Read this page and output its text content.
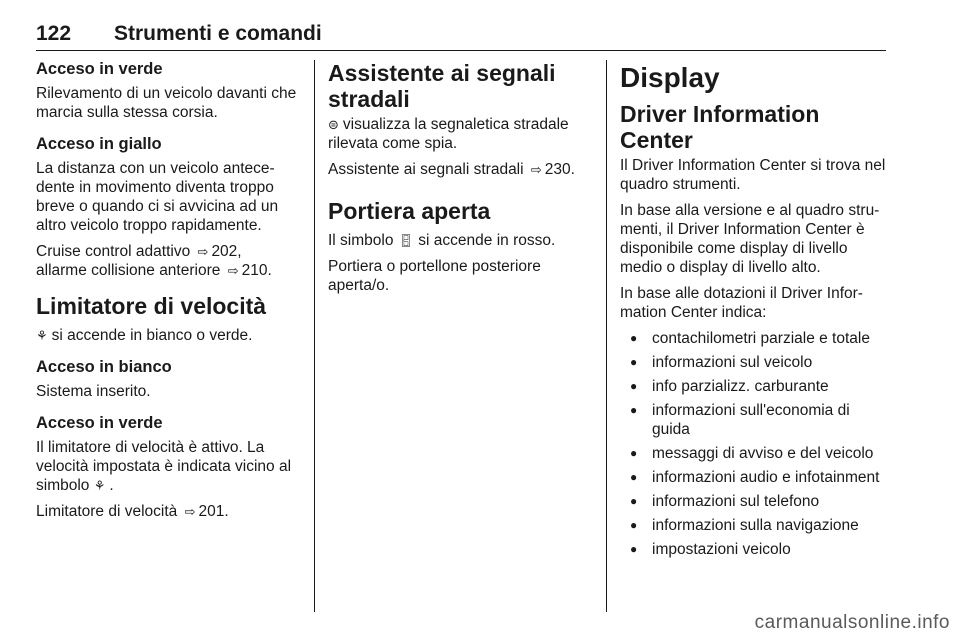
122 Strumenti e comandi
Acceso in verde

Rilevamento di un veicolo davanti che marcia sulla stessa corsia.

Acceso in giallo

La distanza con un veicolo antece-dente in movimento diventa troppo breve o quando ci si avvicina ad un altro veicolo troppo rapidamente.

Cruise control adattivo ⇨ 202,
allarme collisione anteriore ⇨ 210.

Limitatore di velocità

⚘ si accende in bianco o verde.

Acceso in bianco

Sistema inserito.

Acceso in verde

Il limitatore di velocità è attivo. La velocità impostata è indicata vicino al simbolo ⚘ .

Limitatore di velocità ⇨ 201.

Assistente ai segnali stradali

⊜ visualizza la segnaletica stradale rilevata come spia.

Assistente ai segnali stradali ⇨ 230.

Portiera aperta

Il simbolo 🚪︎ si accende in rosso.

Portiera o portellone posteriore aperta/o.

Display
Driver Information Center

Il Driver Information Center si trova nel quadro strumenti.

In base alla versione e al quadro stru-menti, il Driver Information Center è disponibile come display di livello medio o display di livello alto.

In base alle dotazioni il Driver Infor-mation Center indica:

● contachilometri parziale e totale
● informazioni sul veicolo
● info parzializz. carburante
● informazioni sull'economia di guida
● messaggi di avviso e del veicolo
● informazioni audio e infotainment
● informazioni sul telefono
● informazioni sulla navigazione
● impostazioni veicolo
carmanualsonline.info
